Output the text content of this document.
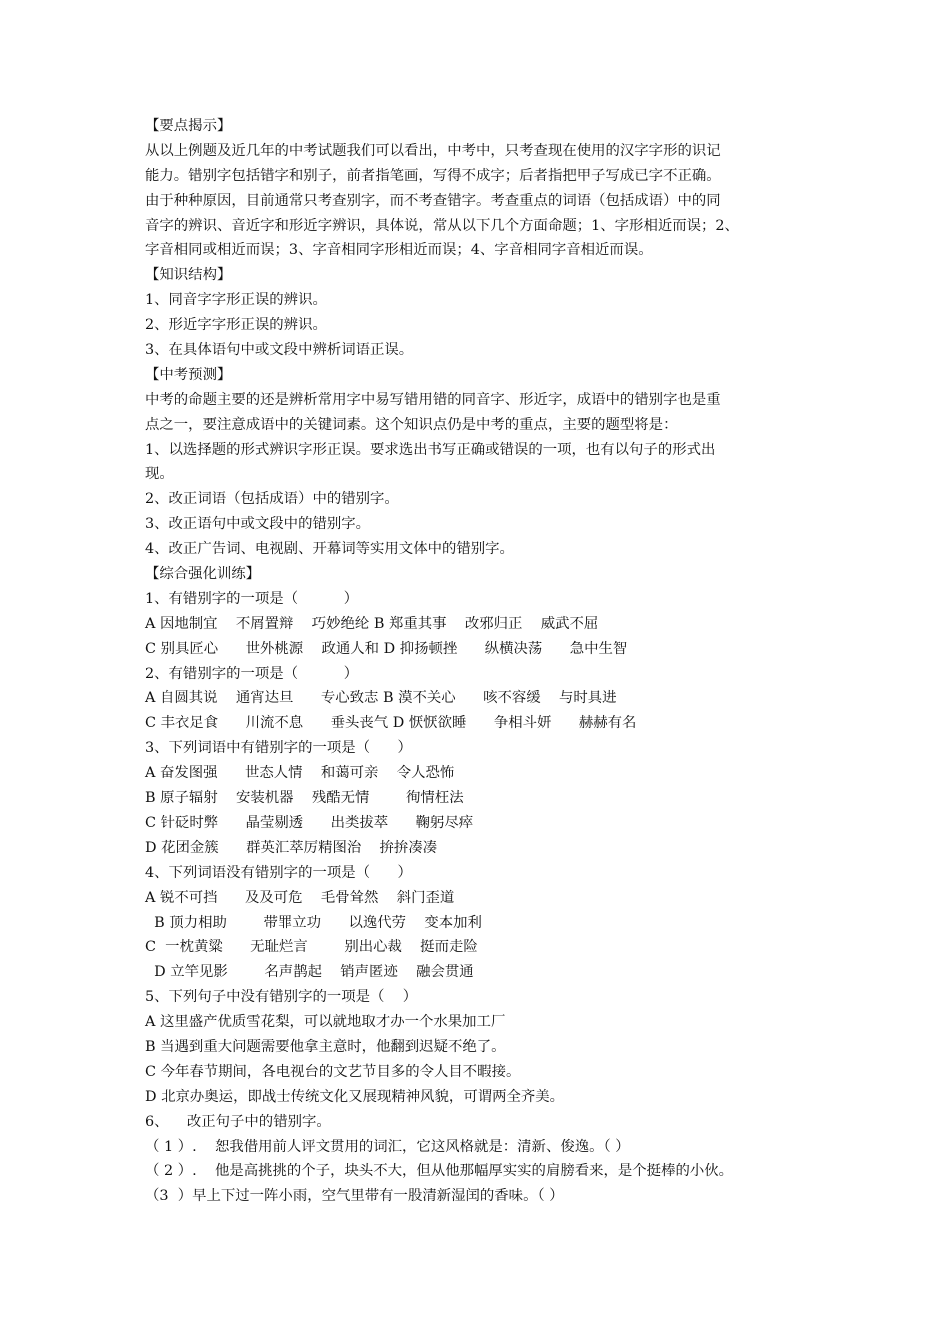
【要点揭示】
从以上例题及近几年的中考试题我们可以看出，中考中，只考查现在使用的汉字字形的识记
能力。错别字包括错字和别子，前者指笔画，写得不成字；后者指把甲子写成已字不正确。
由于种种原因，目前通常只考查别字，而不考查错字。考查重点的词语（包括成语）中的同
音字的辨识、音近字和形近字辨识，具体说，常从以下几个方面命题；1、字形相近而误；2、
字音相同或相近而误；3、字音相同字形相近而误；4、字音相同字音相近而误。
【知识结构】
1、同音字字形正误的辨识。
2、形近字字形正误的辨识。
3、在具体语句中或文段中辨析词语正误。
【中考预测】
中考的命题主要的还是辨析常用字中易写错用错的同音字、形近字，成语中的错别字也是重
点之一，要注意成语中的关键词素。这个知识点仍是中考的重点，主要的题型将是：
1、以选择题的形式辨识字形正误。要求选出书写正确或错误的一项，也有以句子的形式出
现。
2、改正词语（包括成语）中的错别字。
3、改正语句中或文段中的错别字。
4、改正广告词、电视剧、开幕词等实用文体中的错别字。
【综合强化训练】
1、有错别字的一项是（          ）
A 因地制宜    不屑置辩    巧妙绝纶 B 郑重其事    改邪归正    威武不屈
C 别具匠心      世外桃源    政通人和 D 抑扬顿挫      纵横决荡      急中生智
2、有错别字的一项是（          ）
A 自圆其说    通宵达旦      专心致志 B 漠不关心      咳不容缓    与时具进
C 丰衣足食      川流不息      垂头丧气 D 恹恹欲睡      争相斗妍      赫赫有名
3、下列词语中有错别字的一项是（      ）
A 奋发图强      世态人情    和蔼可亲    令人恐怖
B 原子辐射    安装机器    残酷无情        徇情枉法
C 针砭时弊      晶莹剔透      出类拔萃      鞠躬尽瘁
D 花团金簇      群英汇萃厉精图治    拚拚凑凑
4、下列词语没有错别字的一项是（      ）
A 锐不可挡      及及可危    毛骨耸然    斜门歪道
B 顶力相助        带罪立功      以逸代劳    变本加利
C  一枕黄粱      无耻烂言        别出心裁    挺而走险
D 立竿见影        名声鹊起    销声匿迹    融会贯通
5、下列句子中没有错别字的一项是（    ）
A 这里盛产优质雪花梨，可以就地取才办一个水果加工厂
B 当遇到重大问题需要他拿主意时，他翻到迟疑不绝了。
C 今年春节期间，各电视台的文艺节目多的令人目不暇接。
D 北京办奥运，即战士传统文化又展现精神风貌，可谓两全齐美。
6、    改正句子中的错别字。
（ 1 ）.    恕我借用前人评文贯用的词汇，它这风格就是：清新、俊逸。（ ）
（ 2 ）.    他是高挑挑的个子，块头不大，但从他那幅厚实实的肩膀看来，是个挺棒的小伙。
（3  ）早上下过一阵小雨，空气里带有一股清新湿闰的香味。（ ）
